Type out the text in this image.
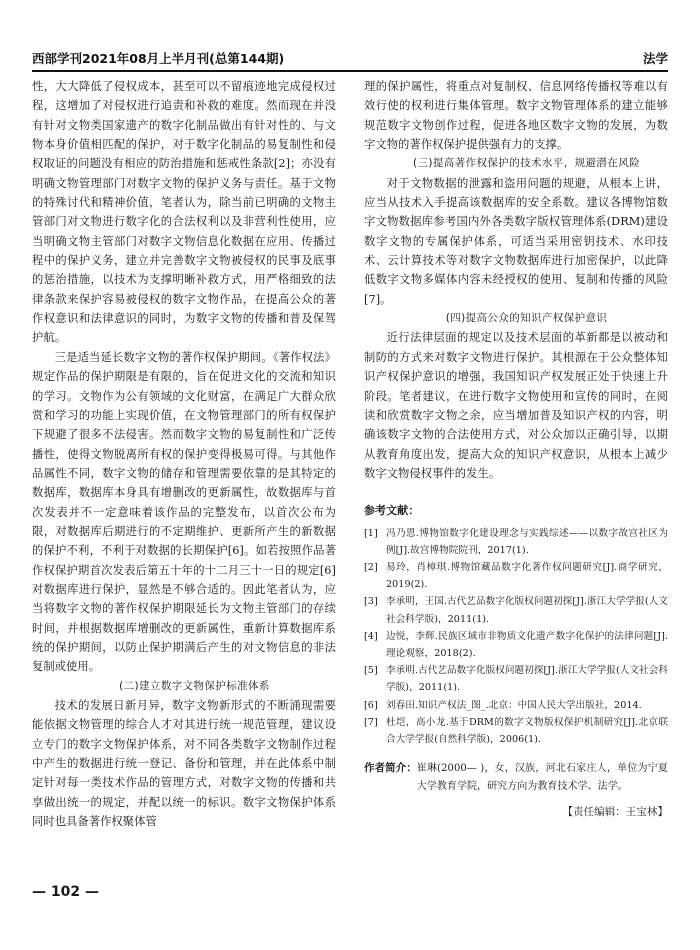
西部学刊2021年08月上半月刊(总第144期)	法学

性，大大降低了侵权成本，甚至可以不留痕迹地完成侵权过程，这增加了对侵权进行追责和补救的难度。然而现在并没有针对文物类国家遗产的数字化制品做出有针对性的、与文物本身价值相匹配的保护，对于数字化制品的易复制性和侵权取证的问题没有相应的防治措施和惩戒性条款[2]；亦没有明确文物管理部门对数字文物的保护义务与责任。基于文物的特殊讨代和精神价值，笔者认为，除当前已明确的文物主管部门对文物进行数字化的合法权利以及非营利性使用，应当明确文物主管部门对数字文物信息化数据在应用、传播过程中的保护义务，建立并完善数字文物被侵权的民事及底事的惩治措施，以技术为支撑明晰补救方式，用严格细致的法律条款来保护容易被侵权的数字文物作品，在提高公众的著作权意识和法律意识的同时，为数字文物的传播和普及保驾护航。

三是适当延长数字文物的著作权保护期间。《著作权法》规定作品的保护期限是有限的，旨在促进文化的交流和知识的学习。文物作为公有领域的文化财富，在满足广大群众欣赏和学习的功能上实现价值，在文物管理部门的所有权保护下规避了很多不法侵害。然而数字文物的易复制性和广泛传播性，使得文物脱离所有权的保护变得极易可得。与其他作品属性不同，数字文物的储存和管理需要依靠的是其特定的数据库，数据库本身具有增删改的更新属性，故数据库与首次发表并不一定意味着该作品的完整发布，以首次公布为限，对数据库后期进行的不定期维护、更新所产生的新数据的保护不利，不利于对数据的长期保护[6]。如若按照作品著作权保护期首次发表后第五十年的十二月三十一日的规定[6]对数据库进行保护，显然是不够合适的。因此笔者认为，应当将数字文物的著作权保护期限延长为文物主管部门的存续时间，并根据数据库增删改的更新属性，重新计算数据库系统的保护期间，以防止保护期满后产生的对文物信息的非法复制或使用。

(二)建立数字文物保护标准体系

技术的发展日新月异，数字文物新形式的不断涌现需要能依据文物管理的综合人才对其进行统一规范管理，建议设立专门的数字文物保护体系，对不同各类数字文物制作过程中产生的数据进行统一登记、备份和管理，并在此体系中制定针对每一类技术作品的管理方式，对数字文物的传播和共享做出统一的规定，并配以统一的标识。数字文物保护体系同时也具备著作权聚体管

理的保护属性，将重点对复制权、信息网络传播权等难以有效行使的权利进行集体管理。数字文物管理体系的建立能够规范数字文物创作过程，促进各地区数字文物的发展，为数字文物的著作权保护提供强有力的支撑。

(三)提高著作权保护的技术水平，规避潜在风险

对于文物数据的泄露和盗用问题的规避，从根本上讲，应当从技术入手提高该数据库的安全系数。建议各博物馆数字文物数据库参考国内外各类数字版权管理体系(DRM)建设数字文物的专属保护体系，可适当采用密钥技术、水印技术、云计算技术等对数字文物数据库进行加密保护，以此降低数字文物多媒体内容未经授权的使用、复制和传播的风险[7]。

(四)提高公众的知识产权保护意识

近行法律层面的规定以及技术层面的革新都是以被动和制防的方式来对数字文物进行保护。其根源在于公众整体知识产权保护意识的增强，我国知识产权发展正处于快速上升阶段。笔者建议，在进行数字文物使用和宣传的同时，在阅读和欣赏数字文物之余，应当增加普及知识产权的内容，明确该数字文物的合法使用方式，对公众加以正确引导，以期从教育角度出发，提高大众的知识产权意识，从根本上减少数字文物侵权事件的发生。

参考文献：
[1] 冯乃恩.博物馆数字化建设理念与实践综述——以数字故宫社区为例[J].故宫博物院院刊，2017(1).
[2] 易玲，肖樟琪.博物馆藏品数字化著作权问题研究[J].商学研究，2019(2).
[3] 李承明，王国.古代艺品数字化版权问题初探[J].浙江大学学报(人文社会科学版)，2011(1).
[4] 边悦，李辉.民族区域市非物质文化遗产数字化保护的法律问题[J].理论观察，2018(2).
[5] 李承明.古代艺品数字化版权问题初探[J].浙江大学学报(人文社会科学版)，2011(1).
[6] 刘春田.知识产权法_图_.北京：中国人民大学出版社，2014.
[7] 杜垲，高小龙.基于DRM的数字文物版权保护机制研究[J].北京联合大学学报(自然科学版)，2006(1).
作者简介： 崔琳(2000— )，女，汉族，河北石家庄人，单位为宁夏大学教育学院，研究方向为教育技术学、法学。
【责任编辑：王宝林】
— 102 —
